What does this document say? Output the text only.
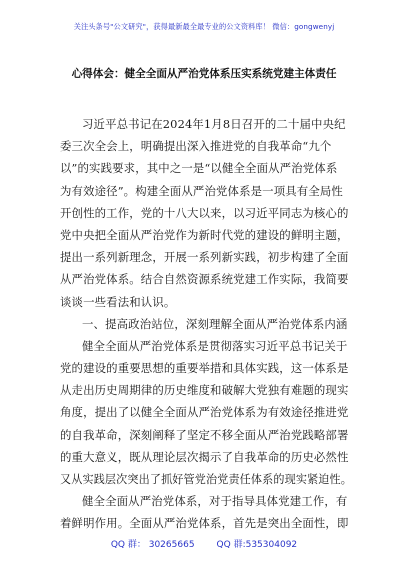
关注头条号"公文研究"，获得最新最全最专业的公文资料库！ 微信：gongwenyj
心得体会：健全全面从严治党体系压实系统党建主体责任
习近平总书记在2024年1月8日召开的二十届中央纪
委三次全会上，明确提出深入推进党的自我革命“九个
以”的实践要求，其中之一是“以健全全面从严治党体系
为有效途径”。构建全面从严治党体系是一项具有全局性
开创性的工作，党的十八大以来，以习近平同志为核心的
党中央把全面从严治党作为新时代党的建设的鲜明主题，
提出一系列新理念，开展一系列新实践，初步构建了全面
从严治党体系。结合自然资源系统党建工作实际，我简要
谈谈一些看法和认识。
一、提高政治站位，深刻理解全面从严治党体系内涵
健全全面从严治党体系是贯彻落实习近平总书记关于
党的建设的重要思想的重要举措和具体实践，这一体系是
从走出历史周期律的历史维度和破解大党独有难题的现实
角度，提出了以健全全面从严治党体系为有效途径推进党
的自我革命，深刻阐释了坚定不移全面从严治党践略部署
的重大意义，既从理论层次揭示了自我革命的历史必然性
又从实践层次突出了抓好管党治党责任体系的现实紧迫性。
健全全面从严治党体系，对于指导具体党建工作，有
着鲜明作用。全面从严治党体系，首先是突出全面性，即
QQ 群： 30265665 QQ 群:535304092
